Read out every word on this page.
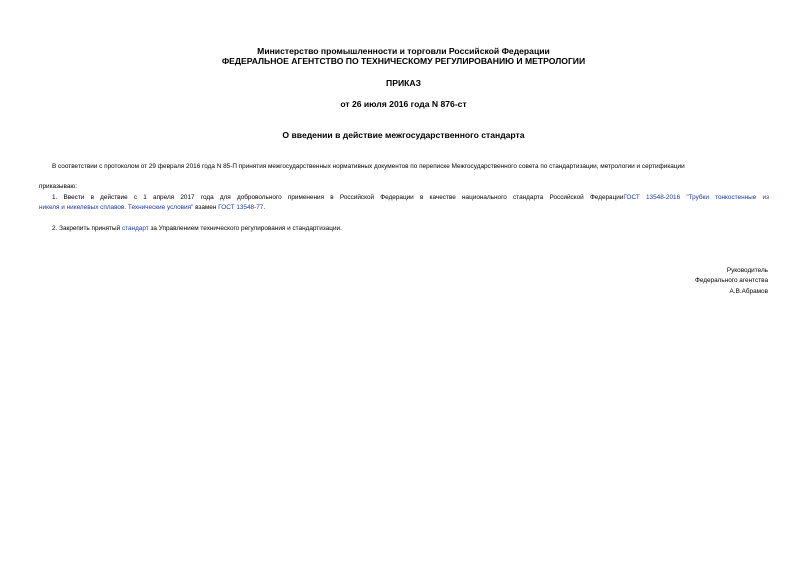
Министерство промышленности и торговли Российской Федерации
ФЕДЕРАЛЬНОЕ АГЕНТСТВО ПО ТЕХНИЧЕСКОМУ РЕГУЛИРОВАНИЮ И МЕТРОЛОГИИ
ПРИКАЗ
от 26 июля 2016 года N 876-ст
О введении в действие межгосударственного стандарта
В соответствии с протоколом от 29 февраля 2016 года N 85-П принятия межгосударственных нормативных документов по переписке Межгосударственного совета по стандартизации, метрологии и сертификации
приказываю:
1. Ввести в действие с 1 апреля 2017 года для добровольного применения в Российской Федерации в качестве национального стандарта Российской ФедерацииГОСТ 13548-2016 "Трубки тонкостенные из
никеля и никелевых сплавов. Технические условия" взамен ГОСТ 13548-77.
2. Закрепить принятый стандарт за Управлением технического регулирования и стандартизации.
Руководитель
Федерального агентства
А.В.Абрамов
